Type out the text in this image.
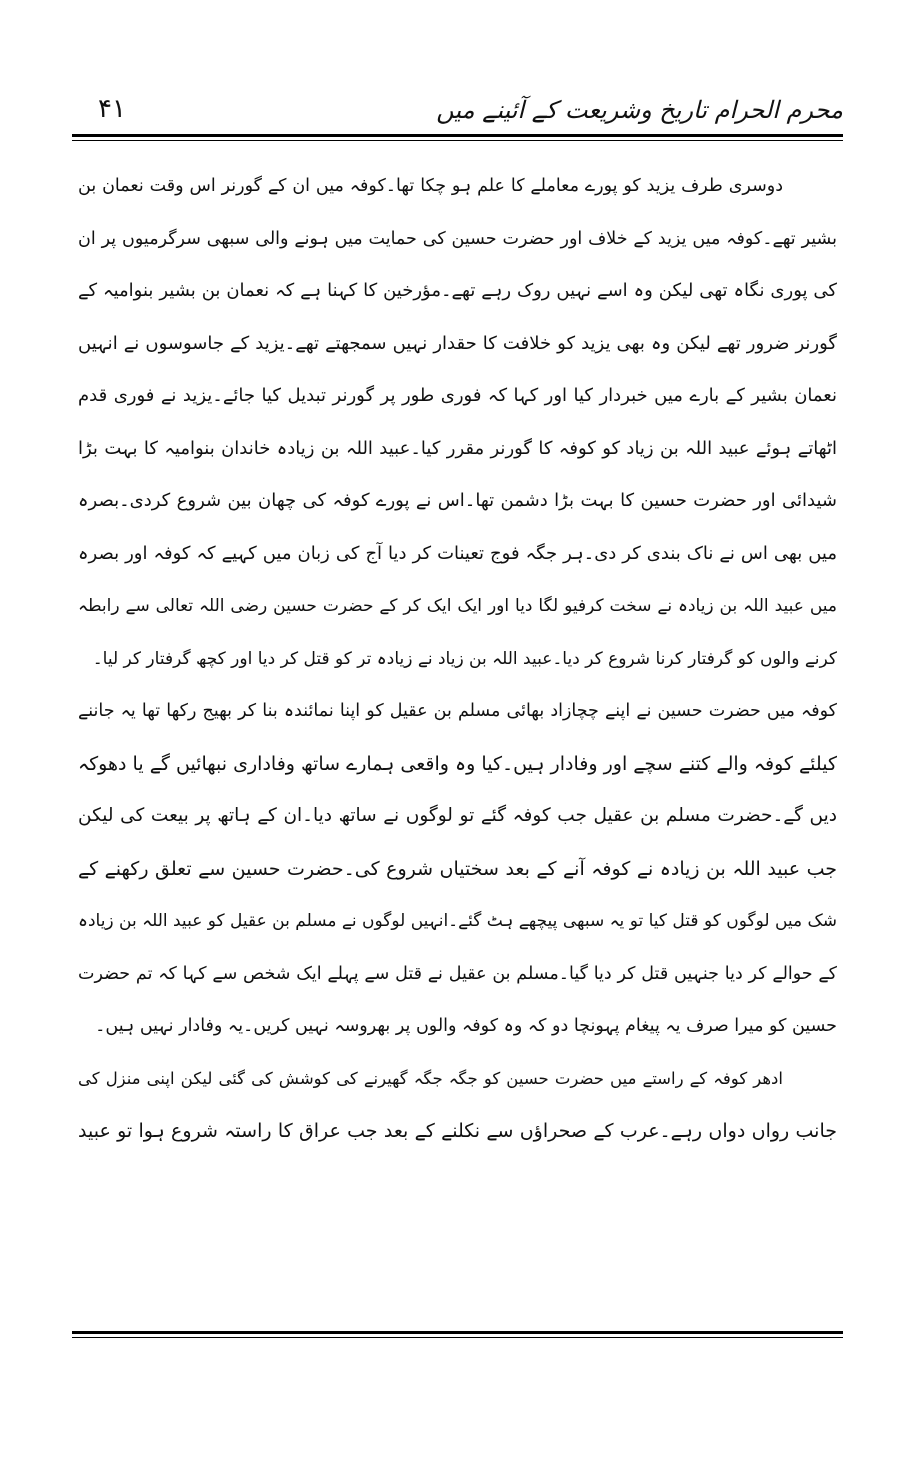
محرم الحرام تاریخ وشریعت کے آئینے میں
۴۱
دوسری طرف یزید کو پورے معاملے کا علم ہو چکا تھا۔کوفہ میں ان کے گورنر اس وقت نعمان بن
بشیر تھے۔کوفہ میں یزید کے خلاف اور حضرت حسین کی حمایت میں ہونے والی سبھی سرگرمیوں پر ان
کی پوری نگاہ تھی لیکن وہ اسے نہیں روک رہے تھے۔مؤرخین کا کہنا ہے کہ نعمان بن بشیر بنوامیہ کے
گورنر ضرور تھے لیکن وہ بھی یزید کو خلافت کا حقدار نہیں سمجھتے تھے۔یزید کے جاسوسوں نے انہیں
نعمان بشیر کے بارے میں خبردار کیا اور کہا کہ فوری طور پر گورنر تبدیل کیا جائے۔یزید نے فوری قدم
اٹھاتے ہوئے عبید اللہ بن زیاد کو کوفہ کا گورنر مقرر کیا۔عبید اللہ بن زیادہ خاندان بنوامیہ کا بہت بڑا
شیدائی اور حضرت حسین کا بہت بڑا دشمن تھا۔اس نے پورے کوفہ کی چھان بین شروع کردی۔بصرہ
میں بھی اس نے ناک بندی کر دی۔ہر جگہ فوج تعینات کر دیا آج کی زبان میں کہیے کہ کوفہ اور بصرہ
میں عبید اللہ بن زیادہ نے سخت کرفیو لگا دیا اور ایک ایک کر کے حضرت حسین رضی اللہ تعالی سے رابطہ
کرنے والوں کو گرفتار کرنا شروع کر دیا۔عبید اللہ بن زیاد نے زیادہ تر کو قتل کر دیا اور کچھ گرفتار کر لیا۔
کوفہ میں حضرت حسین نے اپنے چچازاد بھائی مسلم بن عقیل کو اپنا نمائندہ بنا کر بھیج رکھا تھا یہ جاننے
کیلئے کوفہ والے کتنے سچے اور وفادار ہیں۔کیا وہ واقعی ہمارے ساتھ وفاداری نبھائیں گے یا دھوکہ
دیں گے۔حضرت مسلم بن عقیل جب کوفہ گئے تو لوگوں نے ساتھ دیا۔ان کے ہاتھ پر بیعت کی لیکن
جب عبید اللہ بن زیادہ نے کوفہ آنے کے بعد سختیاں شروع کی۔حضرت حسین سے تعلق رکھنے کے
شک میں لوگوں کو قتل کیا تو یہ سبھی پیچھے ہٹ گئے۔انہیں لوگوں نے مسلم بن عقیل کو عبید اللہ بن زیادہ
کے حوالے کر دیا جنہیں قتل کر دیا گیا۔مسلم بن عقیل نے قتل سے پہلے ایک شخص سے کہا کہ تم حضرت
حسین کو میرا صرف یہ پیغام پہونچا دو کہ وہ کوفہ والوں پر بھروسہ نہیں کریں۔یہ وفادار نہیں ہیں۔
ادھر کوفہ کے راستے میں حضرت حسین کو جگہ جگہ گھیرنے کی کوشش کی گئی لیکن اپنی منزل کی
جانب رواں دواں رہے۔عرب کے صحراؤں سے نکلنے کے بعد جب عراق کا راستہ شروع ہوا تو عبید
